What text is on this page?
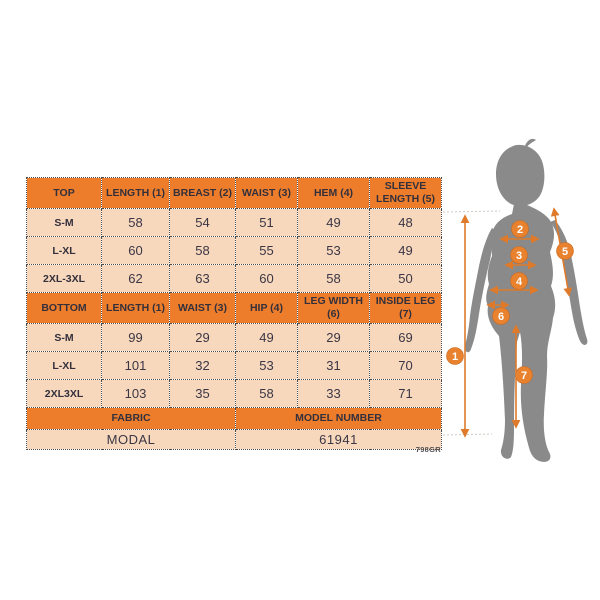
TOP	LENGTH (1)	BREAST (2)	WAIST (3)	HEM (4)	SLEEVE LENGTH (5)
S-M	58	54	51	49	48
L-XL	60	58	55	53	49
2XL-3XL	62	63	60	58	50
BOTTOM	LENGTH (1)	WAIST (3)	HIP (4)	LEG WIDTH (6)	INSIDE LEG (7)
S-M	99	29	49	29	69
L-XL	101	32	53	31	70
2XL3XL	103	35	58	33	71
FABRIC			MODEL NUMBER		
MODAL			61941		
798GR
1
2
3
4
5
6
7
